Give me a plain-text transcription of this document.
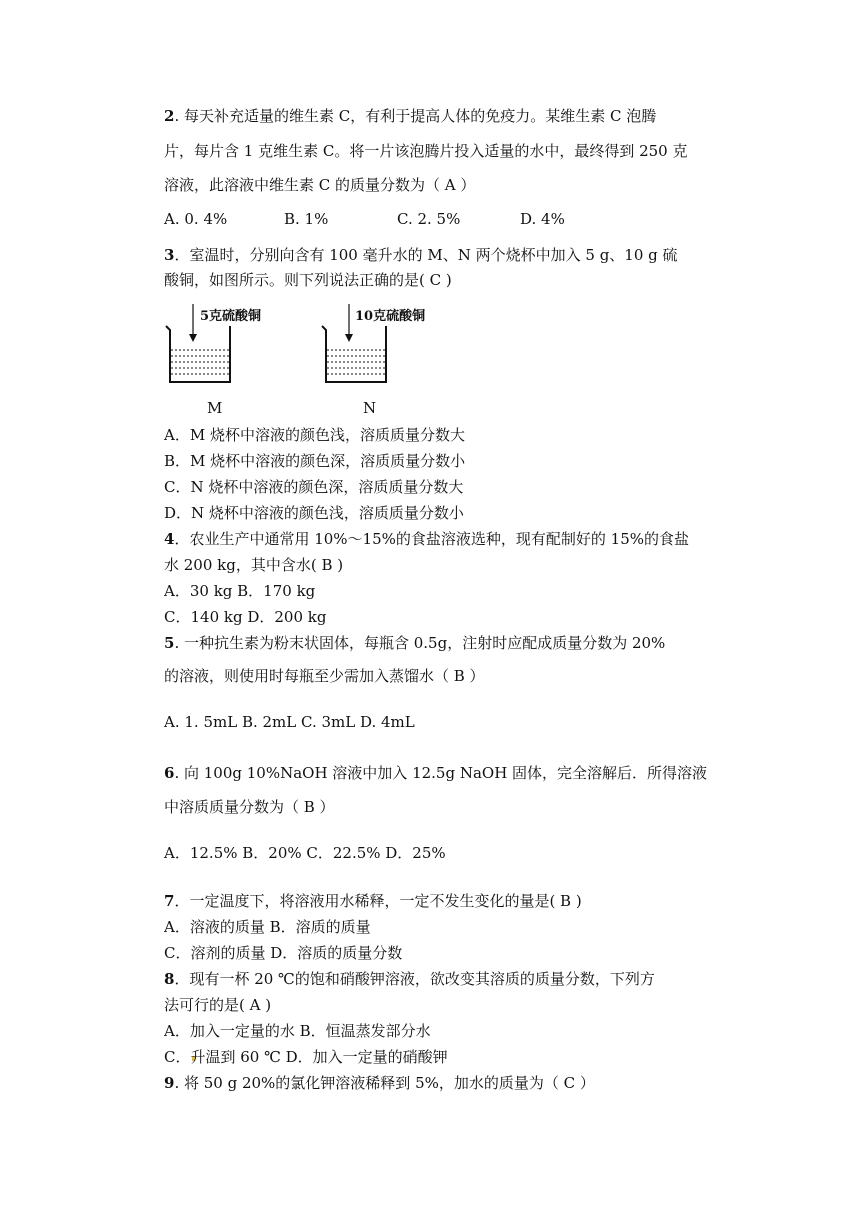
2. 每天补充适量的维生素 C，有利于提高人体的免疫力。某维生素 C 泡腾
片，每片含 1 克维生素 C。将一片该泡腾片投入适量的水中，最终得到 250 克
溶液，此溶液中维生素 C 的质量分数为（ A ）
A. 0. 4%	B. 1%	C. 2. 5%	D. 4%
3．室温时，分别向含有 100 毫升水的 M、N 两个烧杯中加入 5 g、10 g 硫
酸铜，如图所示。则下列说法正确的是( C )
5克硫酸铜	10克硫酸铜
M	N
A．M 烧杯中溶液的颜色浅，溶质质量分数大
B．M 烧杯中溶液的颜色深，溶质质量分数小
C．N 烧杯中溶液的颜色深，溶质质量分数大
D．N 烧杯中溶液的颜色浅，溶质质量分数小
4．农业生产中通常用 10%～15%的食盐溶液选种，现有配制好的 15%的食盐
水 200 kg，其中含水( B )
A．30 kg B．170 kg
C．140 kg D．200 kg
5. 一种抗生素为粉末状固体，每瓶含 0.5g，注射时应配成质量分数为 20%
的溶液，则使用时每瓶至少需加入蒸馏水（ B ）
A. 1. 5mL B. 2mL C. 3mL D. 4mL
6. 向 100g 10%NaOH 溶液中加入 12.5g NaOH 固体，完全溶解后．所得溶液
中溶质质量分数为（ B ）
A．12.5% B．20% C．22.5% D．25%
7．一定温度下，将溶液用水稀释，一定不发生变化的量是( B )
A．溶液的质量 B．溶质的质量
C．溶剂的质量 D．溶质的质量分数
8．现有一杯 20 ℃的饱和硝酸钾溶液，欲改变其溶质的质量分数，下列方
法可行的是( A )
A．加入一定量的水 B．恒温蒸发部分水
C．升温到 60 ℃ D．加入一定量的硝酸钾
9. 将 50 g 20%的氯化钾溶液稀释到 5%，加水的质量为（ C ）
